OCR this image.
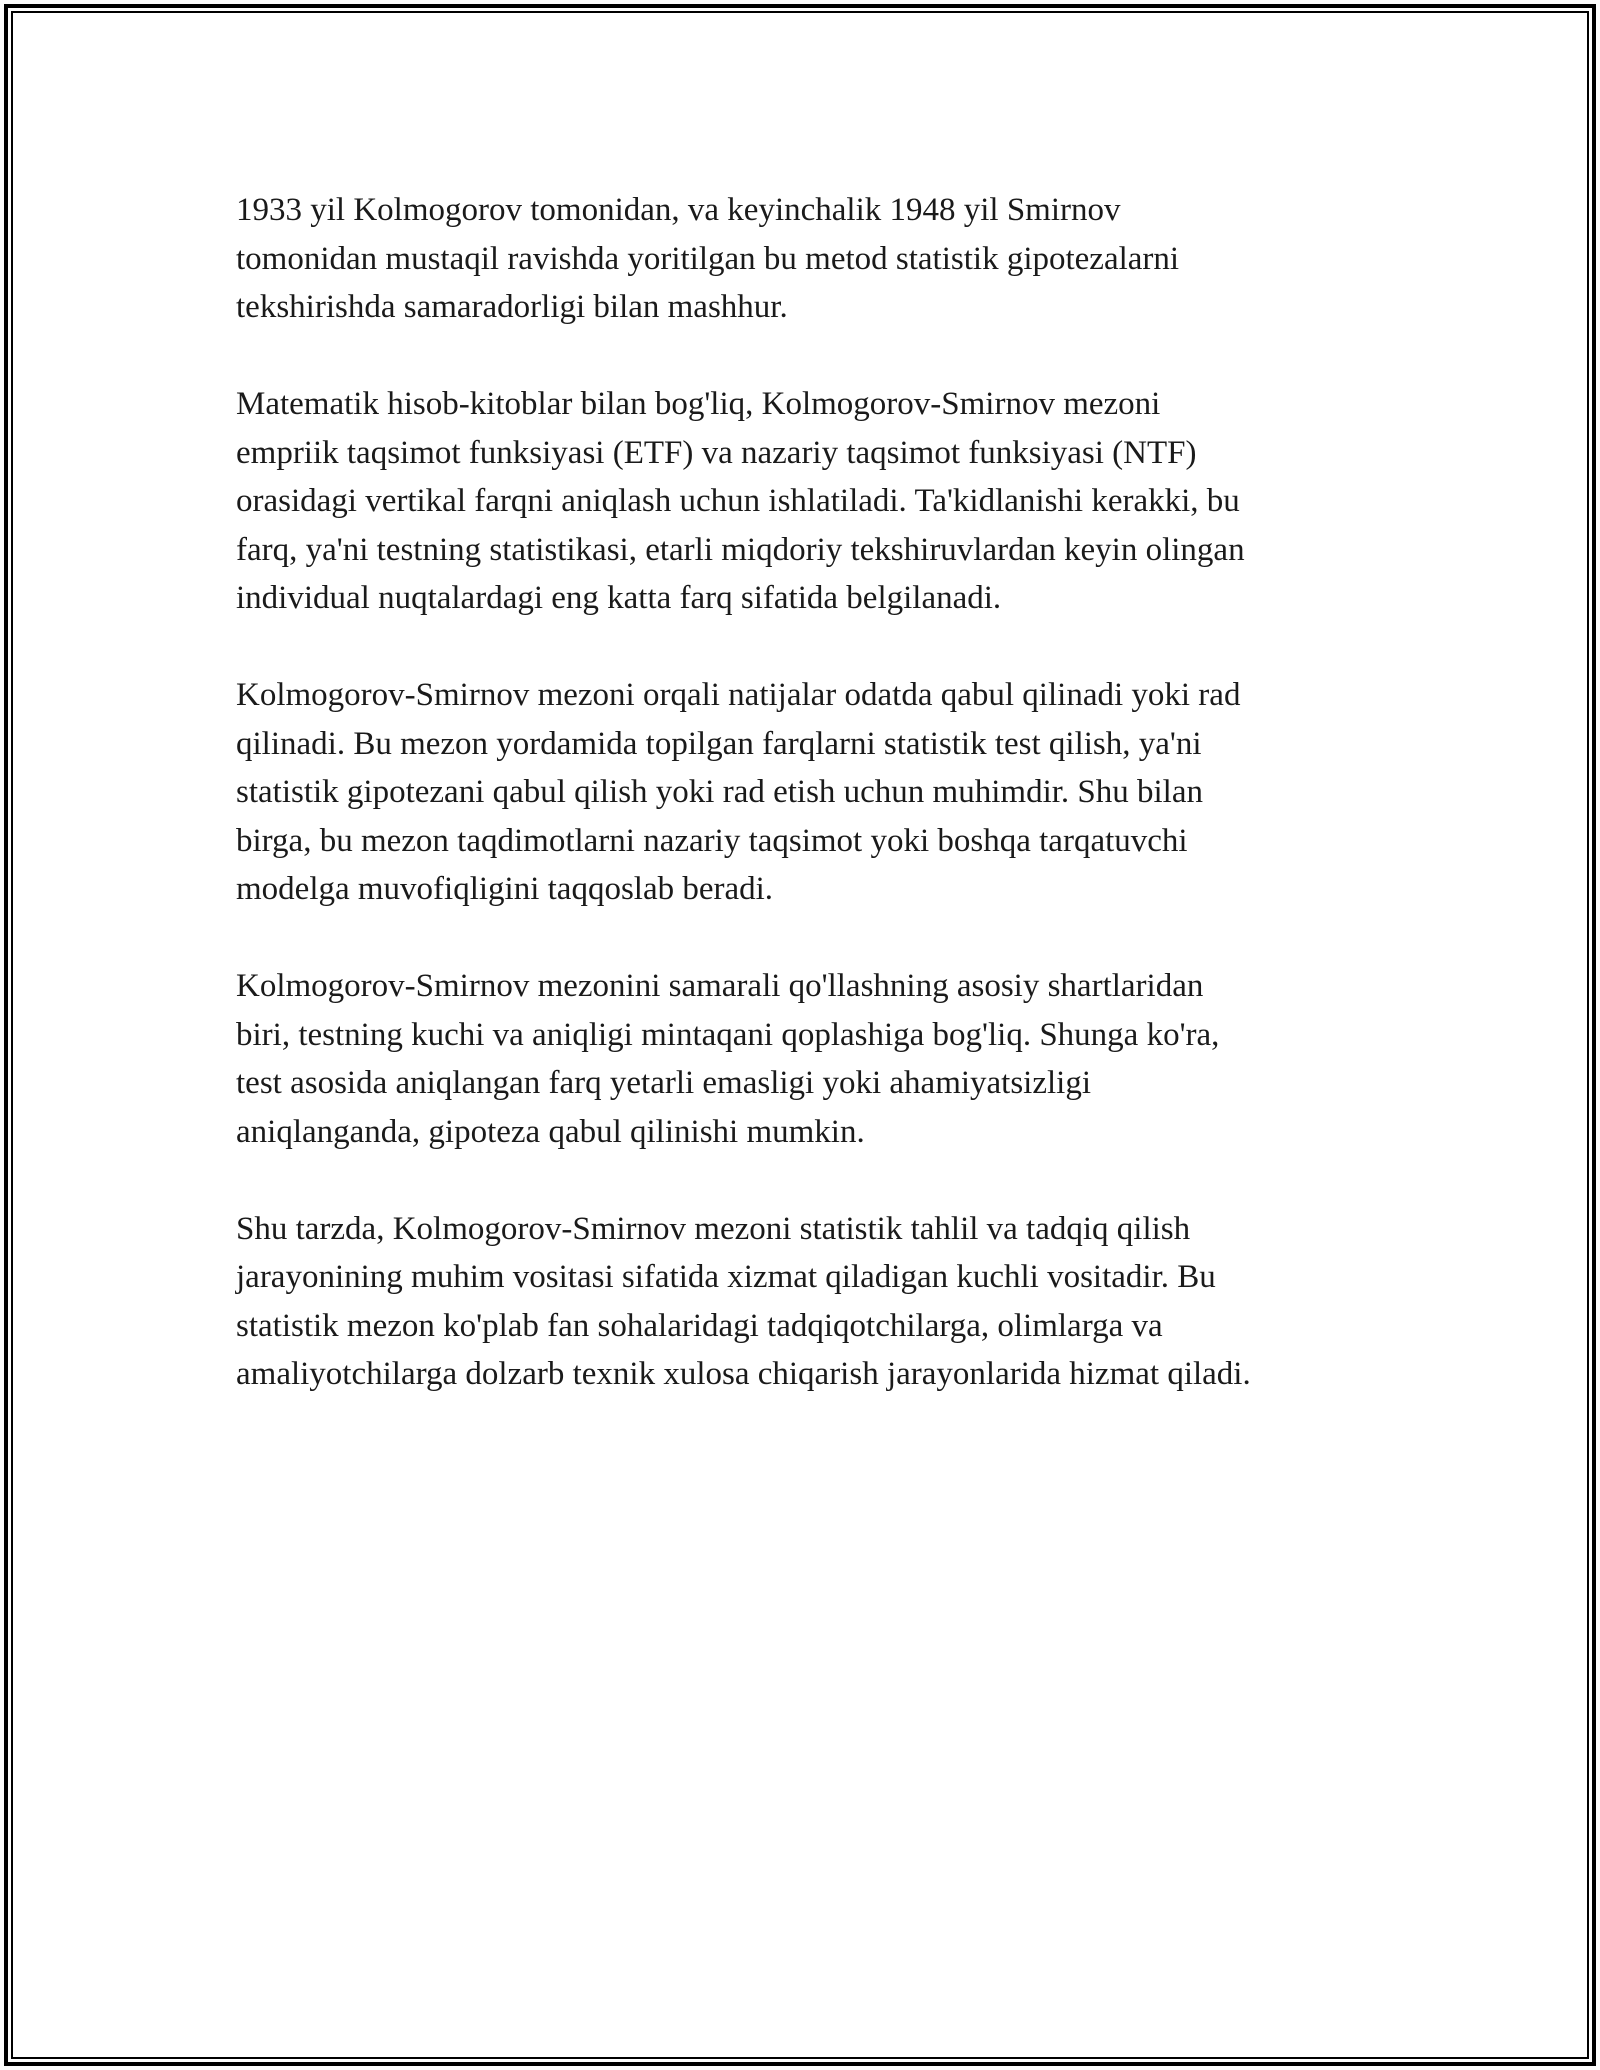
1933 yil Kolmogorov tomonidan, va keyinchalik 1948 yil Smirnov
tomonidan mustaqil ravishda yoritilgan bu metod statistik gipotezalarni
tekshirishda samaradorligi bilan mashhur.

Matematik hisob-kitoblar bilan bog'liq, Kolmogorov-Smirnov mezoni
empriik taqsimot funksiyasi (ETF) va nazariy taqsimot funksiyasi (NTF)
orasidagi vertikal farqni aniqlash uchun ishlatiladi. Ta'kidlanishi kerakki, bu
farq, ya'ni testning statistikasi, etarli miqdoriy tekshiruvlardan keyin olingan
individual nuqtalardagi eng katta farq sifatida belgilanadi.

Kolmogorov-Smirnov mezoni orqali natijalar odatda qabul qilinadi yoki rad
qilinadi. Bu mezon yordamida topilgan farqlarni statistik test qilish, ya'ni
statistik gipotezani qabul qilish yoki rad etish uchun muhimdir. Shu bilan
birga, bu mezon taqdimotlarni nazariy taqsimot yoki boshqa tarqatuvchi
modelga muvofiqligini taqqoslab beradi.

Kolmogorov-Smirnov mezonini samarali qo'llashning asosiy shartlaridan
biri, testning kuchi va aniqligi mintaqani qoplashiga bog'liq. Shunga ko'ra,
test asosida aniqlangan farq yetarli emasligi yoki ahamiyatsizligi
aniqlanganda, gipoteza qabul qilinishi mumkin.

Shu tarzda, Kolmogorov-Smirnov mezoni statistik tahlil va tadqiq qilish
jarayonining muhim vositasi sifatida xizmat qiladigan kuchli vositadir. Bu
statistik mezon ko'plab fan sohalaridagi tadqiqotchilarga, olimlarga va
amaliyotchilarga dolzarb texnik xulosa chiqarish jarayonlarida hizmat qiladi.
